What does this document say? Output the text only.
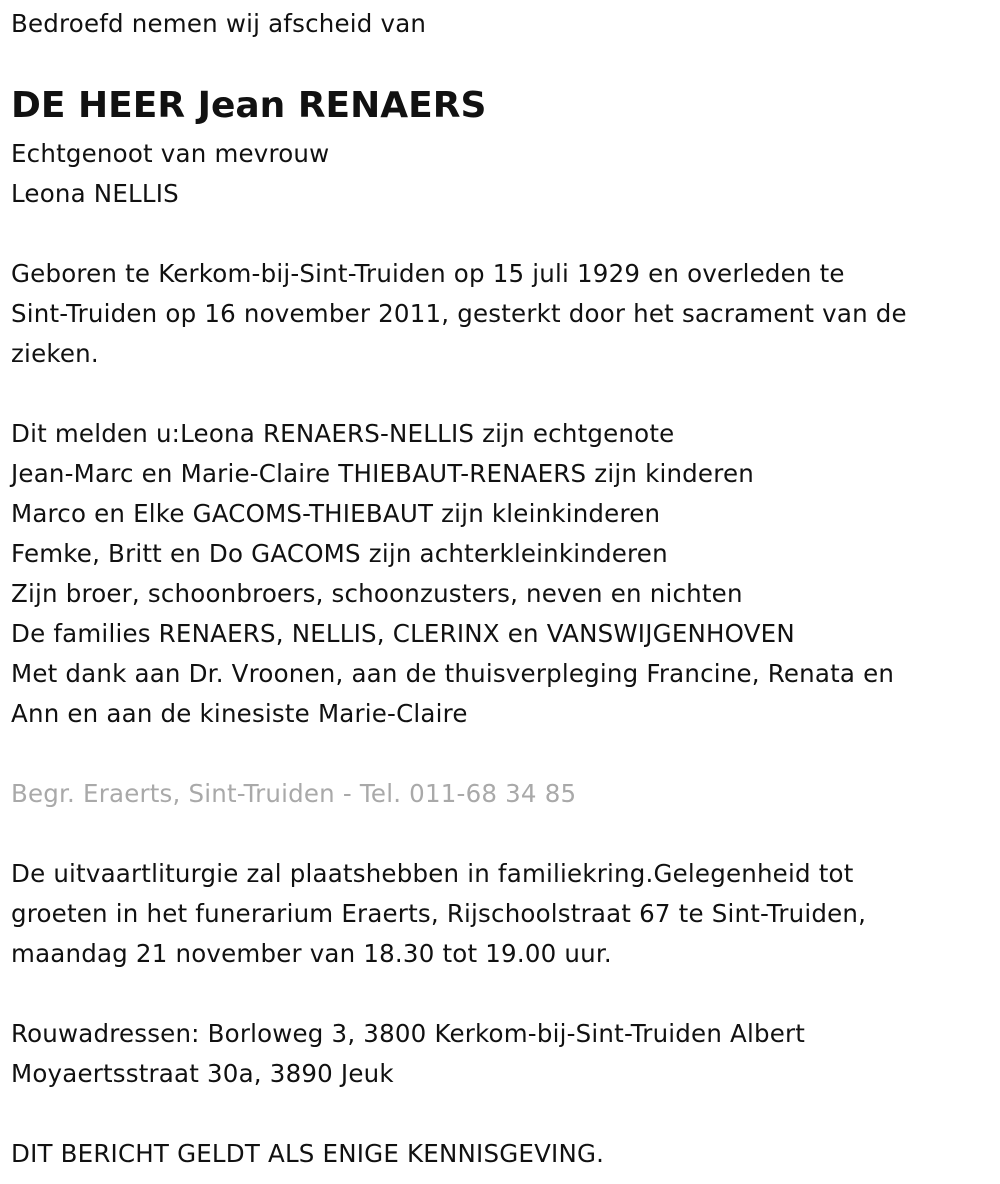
Bedroefd nemen wij afscheid van

DE HEER Jean RENAERS

Echtgenoot van mevrouw

Leona NELLIS

Geboren te Kerkom-bij-Sint-Truiden op 15 juli 1929 en overleden te

Sint-Truiden op 16 november 2011, gesterkt door het sacrament van de

zieken.

Dit melden u:Leona RENAERS-NELLIS zijn echtgenote

Jean-Marc en Marie-Claire THIEBAUT-RENAERS zijn kinderen

Marco en Elke GACOMS-THIEBAUT zijn kleinkinderen

Femke, Britt en Do GACOMS zijn achterkleinkinderen

Zijn broer, schoonbroers, schoonzusters, neven en nichten

De families RENAERS, NELLIS, CLERINX en VANSWIJGENHOVEN

Met dank aan Dr. Vroonen, aan de thuisverpleging Francine, Renata en

Ann en aan de kinesiste Marie-Claire

Begr. Eraerts, Sint-Truiden - Tel. 011-68 34 85

De uitvaartliturgie zal plaatshebben in familiekring.Gelegenheid tot

groeten in het funerarium Eraerts, Rijschoolstraat 67 te Sint-Truiden,

maandag 21 november van 18.30 tot 19.00 uur.

Rouwadressen: Borloweg 3, 3800 Kerkom-bij-Sint-Truiden Albert

Moyaertsstraat 30a, 3890 Jeuk

DIT BERICHT GELDT ALS ENIGE KENNISGEVING.
